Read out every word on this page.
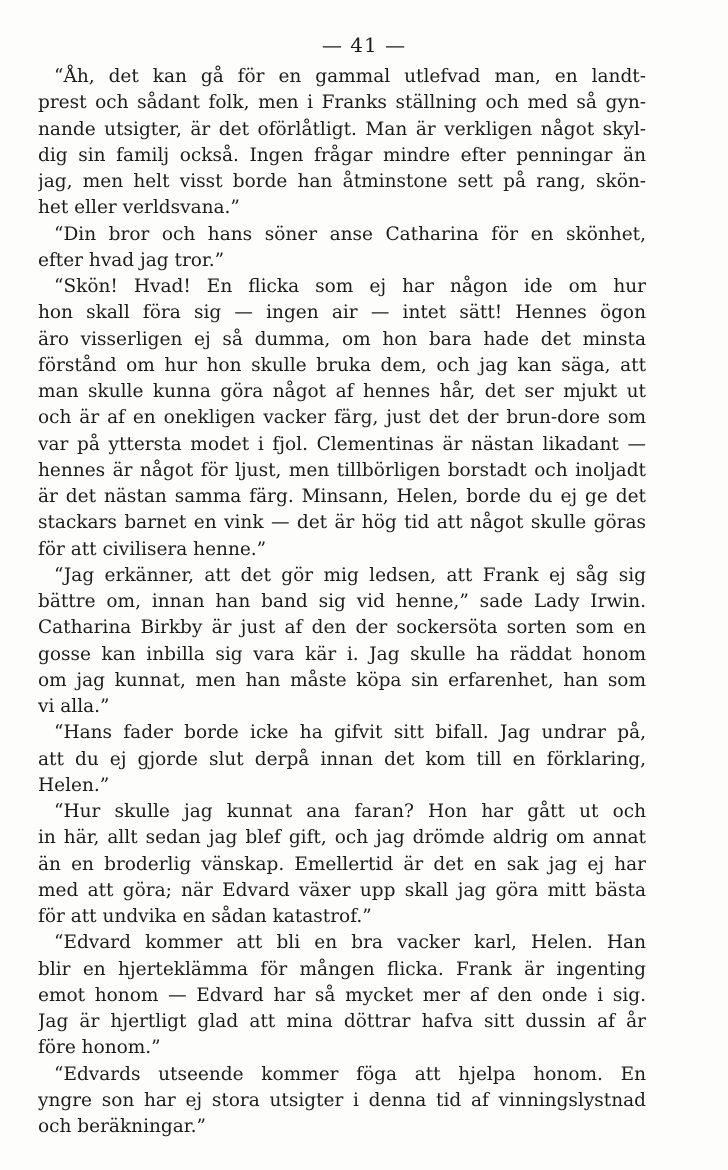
— 41 —
“Åh, det kan gå för en gammal utlefvad man, en landt-
prest och sådant folk, men i Franks ställning och med så gyn-
nande utsigter, är det oförlåtligt. Man är verkligen något skyl-
dig sin familj också. Ingen frågar mindre efter penningar än
jag, men helt visst borde han åtminstone sett på rang, skön-
het eller verldsvana.”
“Din bror och hans söner anse Catharina för en skönhet,
efter hvad jag tror.”
“Skön! Hvad! En flicka som ej har någon ide om hur
hon skall föra sig — ingen air — intet sätt! Hennes ögon
äro visserligen ej så dumma, om hon bara hade det minsta
förstånd om hur hon skulle bruka dem, och jag kan säga, att
man skulle kunna göra något af hennes hår, det ser mjukt ut
och är af en onekligen vacker färg, just det der brun-dore som
var på yttersta modet i fjol. Clementinas är nästan likadant —
hennes är något för ljust, men tillbörligen borstadt och inoljadt
är det nästan samma färg. Minsann, Helen, borde du ej ge det
stackars barnet en vink — det är hög tid att något skulle göras
för att civilisera henne.”
“Jag erkänner, att det gör mig ledsen, att Frank ej såg sig
bättre om, innan han band sig vid henne,” sade Lady Irwin.
Catharina Birkby är just af den der sockersöta sorten som en
gosse kan inbilla sig vara kär i. Jag skulle ha räddat honom
om jag kunnat, men han måste köpa sin erfarenhet, han som
vi alla.”
“Hans fader borde icke ha gifvit sitt bifall. Jag undrar på,
att du ej gjorde slut derpå innan det kom till en förklaring,
Helen.”
“Hur skulle jag kunnat ana faran? Hon har gått ut och
in här, allt sedan jag blef gift, och jag drömde aldrig om annat
än en broderlig vänskap. Emellertid är det en sak jag ej har
med att göra; när Edvard växer upp skall jag göra mitt bästa
för att undvika en sådan katastrof.”
“Edvard kommer att bli en bra vacker karl, Helen. Han
blir en hjerteklämma för mången flicka. Frank är ingenting
emot honom — Edvard har så mycket mer af den onde i sig.
Jag är hjertligt glad att mina döttrar hafva sitt dussin af år
före honom.”
“Edvards utseende kommer föga att hjelpa honom. En
yngre son har ej stora utsigter i denna tid af vinningslystnad
och beräkningar.”
